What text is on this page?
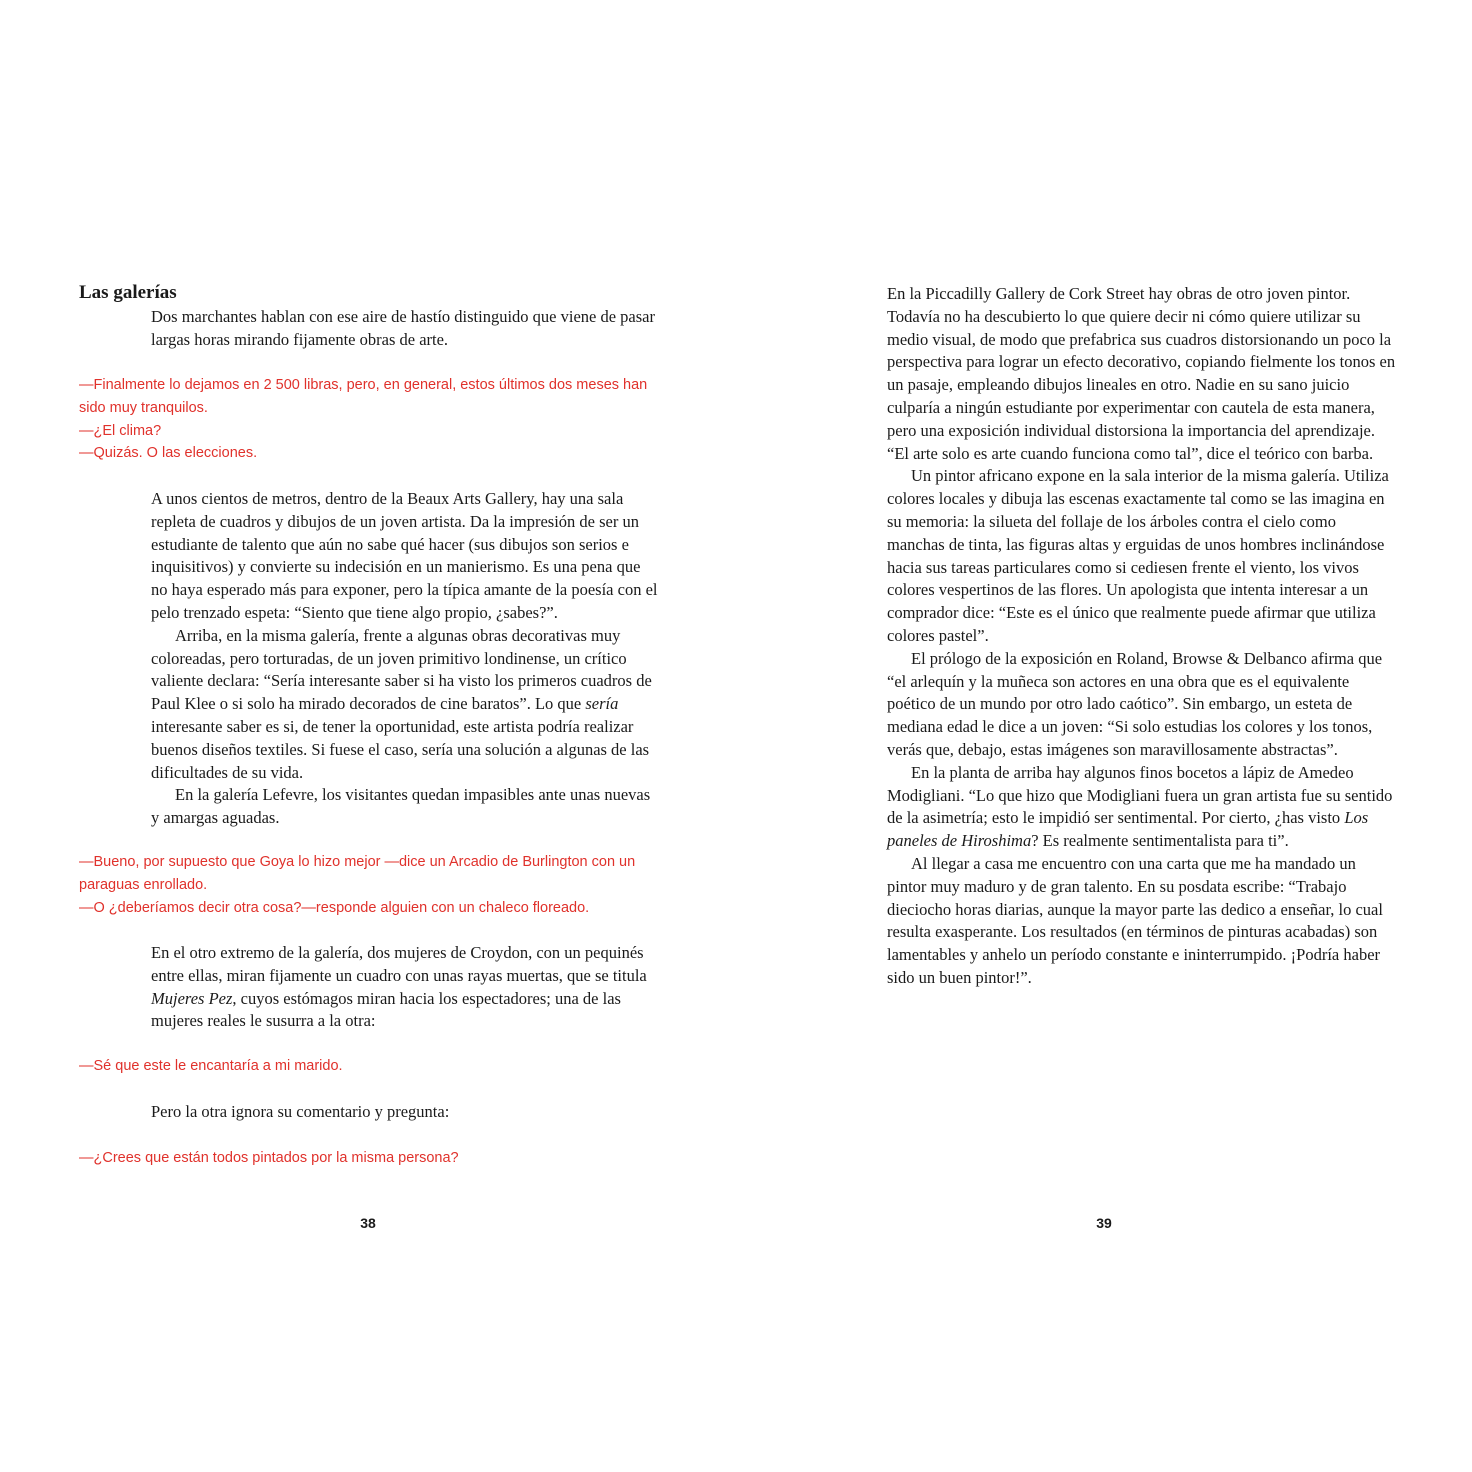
Las galerías

Dos marchantes hablan con ese aire de hastío distinguido que viene de pasar largas horas mirando fijamente obras de arte.

—Finalmente lo dejamos en 2 500 libras, pero, en general, estos últimos dos meses han sido muy tranquilos.

—¿El clima?

—Quizás. O las elecciones.

A unos cientos de metros, dentro de la Beaux Arts Gallery, hay una sala repleta de cuadros y dibujos de un joven artista. Da la impresión de ser un estudiante de talento que aún no sabe qué hacer (sus dibujos son serios e inquisitivos) y convierte su indecisión en un manierismo. Es una pena que no haya esperado más para exponer, pero la típica amante de la poesía con el pelo trenzado espeta: “Siento que tiene algo propio, ¿sabes?”.

Arriba, en la misma galería, frente a algunas obras decorativas muy coloreadas, pero torturadas, de un joven primitivo londinense, un crítico valiente declara: “Sería interesante saber si ha visto los primeros cuadros de Paul Klee o si solo ha mirado decorados de cine baratos”. Lo que sería interesante saber es si, de tener la oportunidad, este artista podría realizar buenos diseños textiles. Si fuese el caso, sería una solución a algunas de las dificultades de su vida.

En la galería Lefevre, los visitantes quedan impasibles ante unas nuevas y amargas aguadas.

—Bueno, por supuesto que Goya lo hizo mejor —dice un Arcadio de Burlington con un paraguas enrollado.

—O ¿deberíamos decir otra cosa?—responde alguien con un chaleco floreado.

En el otro extremo de la galería, dos mujeres de Croydon, con un pequinés entre ellas, miran fijamente un cuadro con unas rayas muertas, que se titula Mujeres Pez, cuyos estómagos miran hacia los espectadores; una de las mujeres reales le susurra a la otra:

—Sé que este le encantaría a mi marido.

Pero la otra ignora su comentario y pregunta:

—¿Crees que están todos pintados por la misma persona?

38

En la Piccadilly Gallery de Cork Street hay obras de otro joven pintor. Todavía no ha descubierto lo que quiere decir ni cómo quiere utilizar su medio visual, de modo que prefabrica sus cuadros distorsionando un poco la perspectiva para lograr un efecto decorativo, copiando fielmente los tonos en un pasaje, empleando dibujos lineales en otro. Nadie en su sano juicio culparía a ningún estudiante por experimentar con cautela de esta manera, pero una exposición individual distorsiona la importancia del aprendizaje. “El arte solo es arte cuando funciona como tal”, dice el teórico con barba.

Un pintor africano expone en la sala interior de la misma galería. Utiliza colores locales y dibuja las escenas exactamente tal como se las imagina en su memoria: la silueta del follaje de los árboles contra el cielo como manchas de tinta, las figuras altas y erguidas de unos hombres inclinándose hacia sus tareas particulares como si cediesen frente el viento, los vivos colores vespertinos de las flores. Un apologista que intenta interesar a un comprador dice: “Este es el único que realmente puede afirmar que utiliza colores pastel”.

El prólogo de la exposición en Roland, Browse & Delbanco afirma que “el arlequín y la muñeca son actores en una obra que es el equivalente poético de un mundo por otro lado caótico”. Sin embargo, un esteta de mediana edad le dice a un joven: “Si solo estudias los colores y los tonos, verás que, debajo, estas imágenes son maravillosamente abstractas”.

En la planta de arriba hay algunos finos bocetos a lápiz de Amedeo Modigliani. “Lo que hizo que Modigliani fuera un gran artista fue su sentido de la asimetría; esto le impidió ser sentimental. Por cierto, ¿has visto Los paneles de Hiroshima? Es realmente sentimentalista para ti”.

Al llegar a casa me encuentro con una carta que me ha mandado un pintor muy maduro y de gran talento. En su posdata escribe: “Trabajo dieciocho horas diarias, aunque la mayor parte las dedico a enseñar, lo cual resulta exasperante. Los resultados (en términos de pinturas acabadas) son lamentables y anhelo un período constante e ininterrumpido. ¡Podría haber sido un buen pintor!”.

39
